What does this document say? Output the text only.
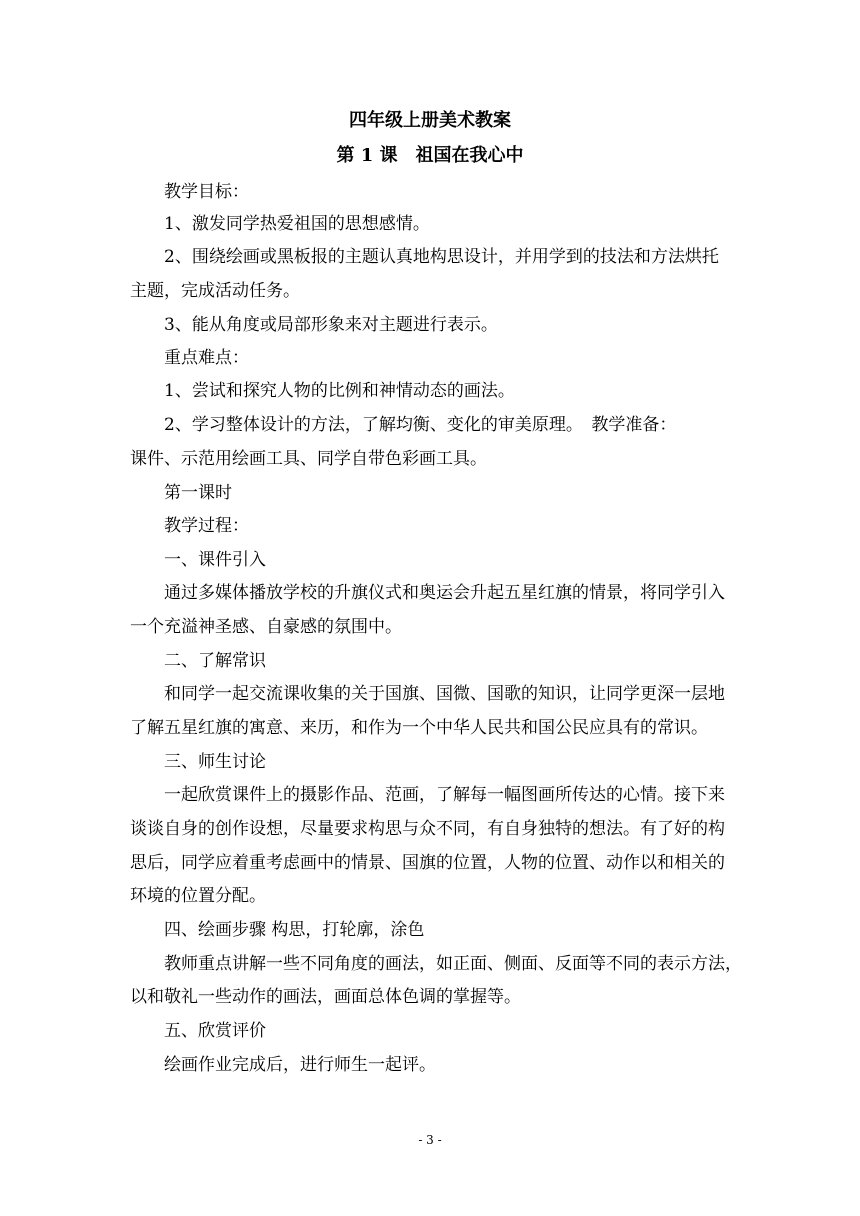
四年级上册美术教案
第 1 课　祖国在我心中
教学目标：
1、激发同学热爱祖国的思想感情。
2、围绕绘画或黑板报的主题认真地构思设计，并用学到的技法和方法烘托
主题，完成活动任务。
3、能从角度或局部形象来对主题进行表示。
重点难点：
1、尝试和探究人物的比例和神情动态的画法。
2、学习整体设计的方法，了解均衡、变化的审美原理。　教学准备：
课件、示范用绘画工具、同学自带色彩画工具。
第一课时
教学过程：
一、课件引入
通过多媒体播放学校的升旗仪式和奥运会升起五星红旗的情景，将同学引入
一个充溢神圣感、自豪感的氛围中。
二、了解常识
和同学一起交流课收集的关于国旗、国微、国歌的知识，让同学更深一层地
了解五星红旗的寓意、来历，和作为一个中华人民共和国公民应具有的常识。
三、师生讨论
一起欣赏课件上的摄影作品、范画，了解每一幅图画所传达的心情。接下来
谈谈自身的创作设想，尽量要求构思与众不同，有自身独特的想法。有了好的构
思后，同学应着重考虑画中的情景、国旗的位置，人物的位置、动作以和相关的
环境的位置分配。
四、绘画步骤 构思，打轮廓，涂色
教师重点讲解一些不同角度的画法，如正面、侧面、反面等不同的表示方法，
以和敬礼一些动作的画法，画面总体色调的掌握等。
五、欣赏评价
绘画作业完成后，进行师生一起评。
- 3 -
